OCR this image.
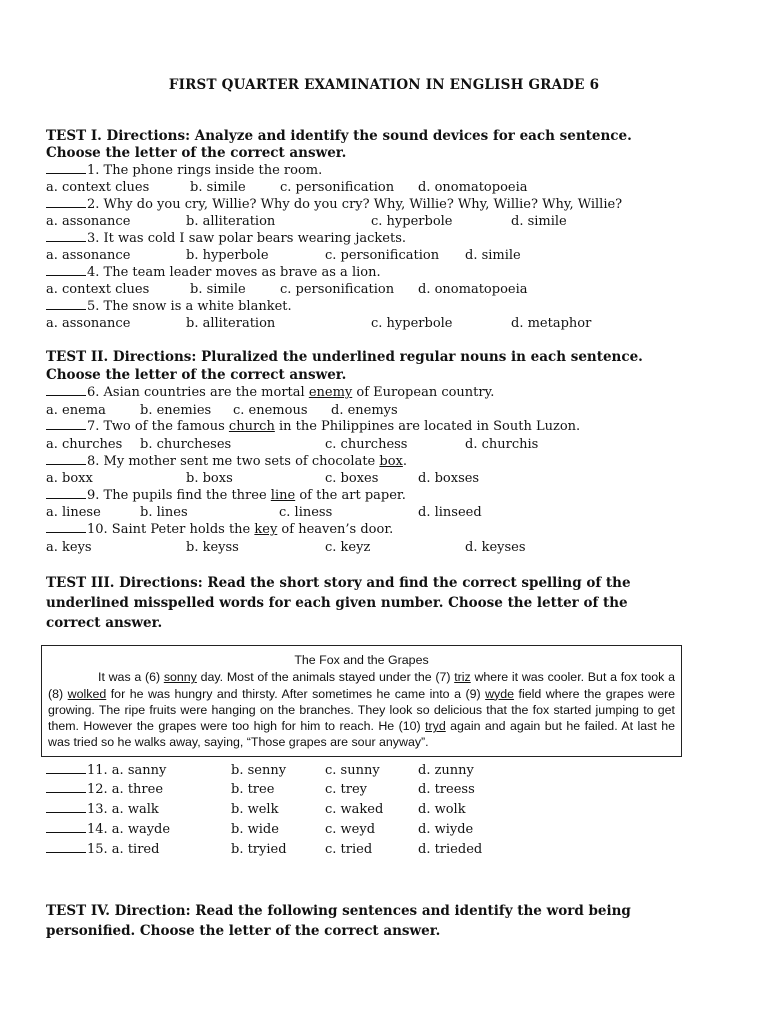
FIRST QUARTER EXAMINATION IN ENGLISH GRADE 6
TEST I. Directions: Analyze and identify the sound devices for each sentence.
Choose the letter of the correct answer.
1. The phone rings inside the room.
a. context clues	b. simile	c. personification d. onomatopoeia
2. Why do you cry, Willie? Why do you cry? Why, Willie? Why, Willie? Why, Willie?
a. assonance	b. alliteration	c. hyperbole	d. simile
3. It was cold I saw polar bears wearing jackets.
a. assonance	b. hyperbole	c. personification d. simile
4. The team leader moves as brave as a lion.
a. context clues	b. simile	c. personification d. onomatopoeia
5. The snow is a white blanket.
a. assonance	b. alliteration	c. hyperbole	d. metaphor
TEST II. Directions: Pluralized the underlined regular nouns in each sentence.
Choose the letter of the correct answer.
6. Asian countries are the mortal enemy of European country.
a. enema	b. enemies c. enemous d. enemys
7. Two of the famous church in the Philippines are located in South Luzon.
a. churches b. churcheses	c. churchess	d. churchis
8. My mother sent me two sets of chocolate box.
a. boxx	b. boxs	c. boxes	d. boxses
9. The pupils find the three line of the art paper.
a. linese	b. lines	c. liness	d. linseed
10. Saint Peter holds the key of heaven’s door.
a. keys	b. keyss	c. keyz	d. keyses
TEST III. Directions: Read the short story and find the correct spelling of the
underlined misspelled words for each given number. Choose the letter of the
correct answer.
The Fox and the Grapes
It was a (6) sonny day. Most of the animals stayed under the (7) triz where it was cooler. But a fox took a (8) wolked for he was hungry and thirsty. After sometimes he came into a (9) wyde field where the grapes were growing. The ripe fruits were hanging on the branches. They look so delicious that the fox started jumping to get them. However the grapes were too high for him to reach. He (10) tryd again and again but he failed. At last he was tried so he walks away, saying, “Those grapes are sour anyway”.
11. a. sanny	b. senny	c. sunny	d. zunny
12. a. three	b. tree	c. trey	d. treess
13. a. walk	b. welk	c. waked	d. wolk
14. a. wayde	b. wide	c. weyd	d. wiyde
15. a. tired	b. tryied	c. tried	d. trieded
TEST IV. Direction: Read the following sentences and identify the word being
personified. Choose the letter of the correct answer.
